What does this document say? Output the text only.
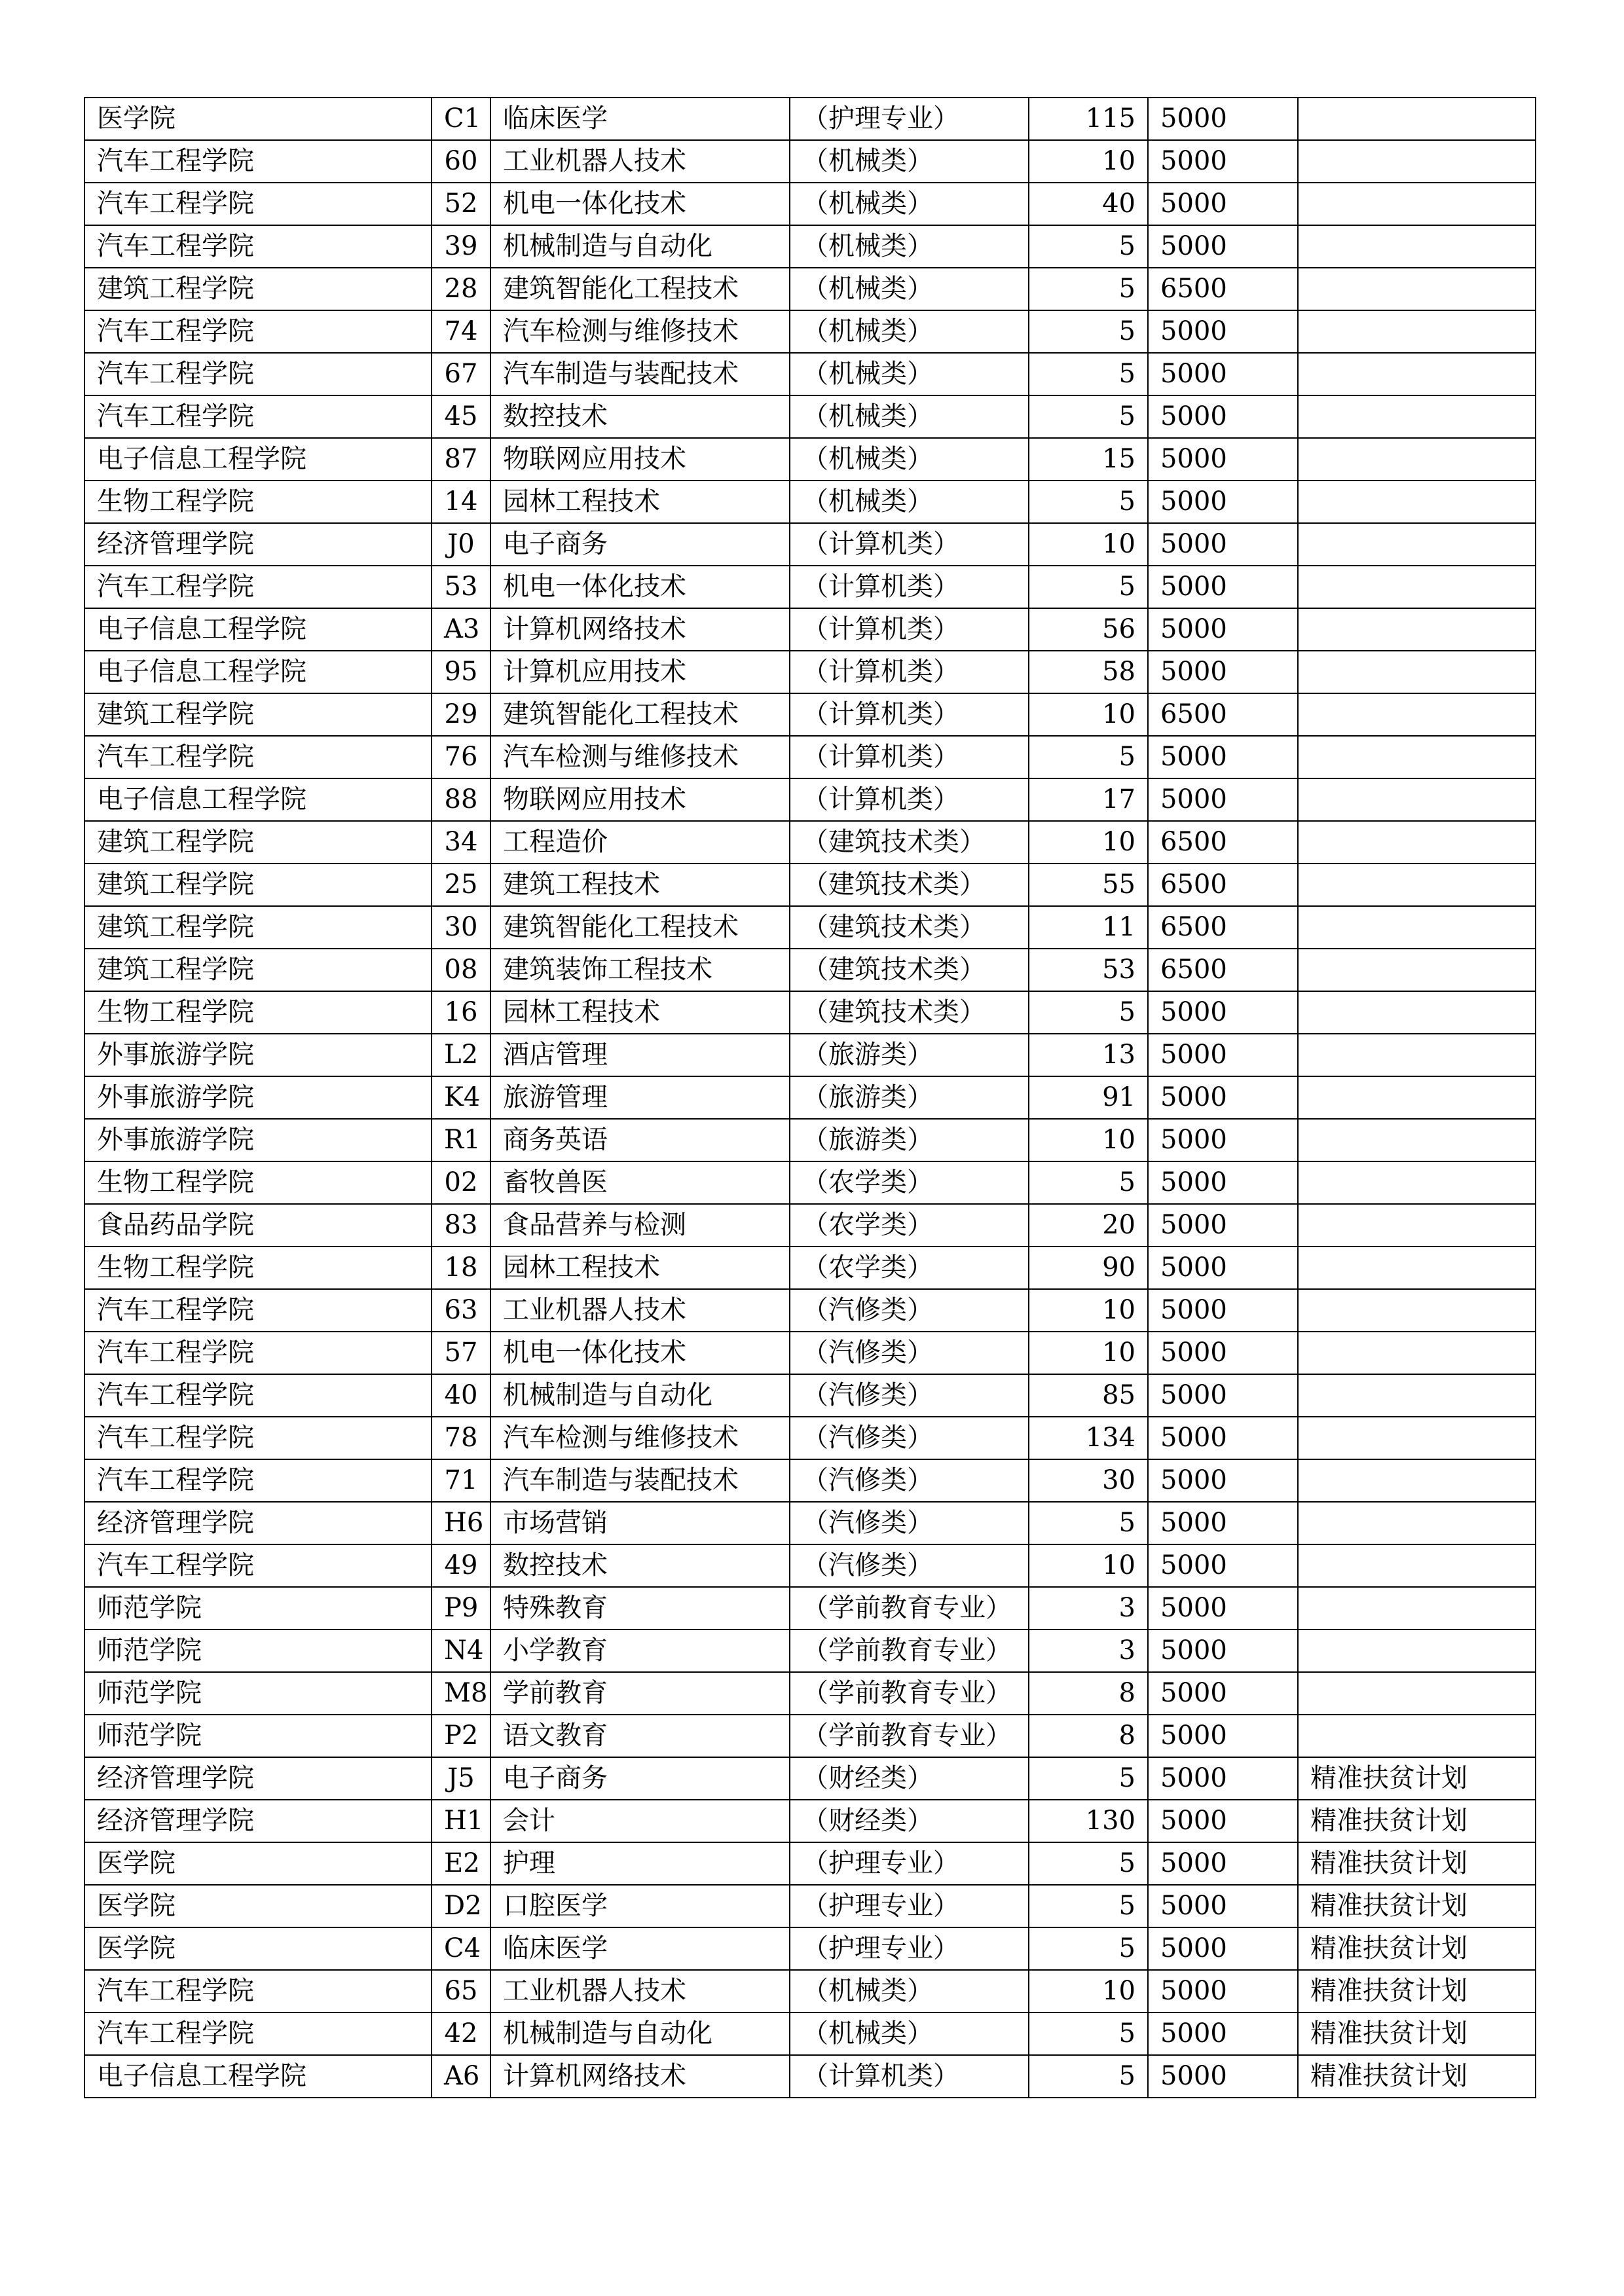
医学院	C1	临床医学	（护理专业）	115	5000	
汽车工程学院	60	工业机器人技术	（机械类）	10	5000	
汽车工程学院	52	机电一体化技术	（机械类）	40	5000	
汽车工程学院	39	机械制造与自动化	（机械类）	5	5000	
建筑工程学院	28	建筑智能化工程技术	（机械类）	5	6500	
汽车工程学院	74	汽车检测与维修技术	（机械类）	5	5000	
汽车工程学院	67	汽车制造与装配技术	（机械类）	5	5000	
汽车工程学院	45	数控技术	（机械类）	5	5000	
电子信息工程学院	87	物联网应用技术	（机械类）	15	5000	
生物工程学院	14	园林工程技术	（机械类）	5	5000	
经济管理学院	J0	电子商务	（计算机类）	10	5000	
汽车工程学院	53	机电一体化技术	（计算机类）	5	5000	
电子信息工程学院	A3	计算机网络技术	（计算机类）	56	5000	
电子信息工程学院	95	计算机应用技术	（计算机类）	58	5000	
建筑工程学院	29	建筑智能化工程技术	（计算机类）	10	6500	
汽车工程学院	76	汽车检测与维修技术	（计算机类）	5	5000	
电子信息工程学院	88	物联网应用技术	（计算机类）	17	5000	
建筑工程学院	34	工程造价	（建筑技术类）	10	6500	
建筑工程学院	25	建筑工程技术	（建筑技术类）	55	6500	
建筑工程学院	30	建筑智能化工程技术	（建筑技术类）	11	6500	
建筑工程学院	08	建筑装饰工程技术	（建筑技术类）	53	6500	
生物工程学院	16	园林工程技术	（建筑技术类）	5	5000	
外事旅游学院	L2	酒店管理	（旅游类）	13	5000	
外事旅游学院	K4	旅游管理	（旅游类）	91	5000	
外事旅游学院	R1	商务英语	（旅游类）	10	5000	
生物工程学院	02	畜牧兽医	（农学类）	5	5000	
食品药品学院	83	食品营养与检测	（农学类）	20	5000	
生物工程学院	18	园林工程技术	（农学类）	90	5000	
汽车工程学院	63	工业机器人技术	（汽修类）	10	5000	
汽车工程学院	57	机电一体化技术	（汽修类）	10	5000	
汽车工程学院	40	机械制造与自动化	（汽修类）	85	5000	
汽车工程学院	78	汽车检测与维修技术	（汽修类）	134	5000	
汽车工程学院	71	汽车制造与装配技术	（汽修类）	30	5000	
经济管理学院	H6	市场营销	（汽修类）	5	5000	
汽车工程学院	49	数控技术	（汽修类）	10	5000	
师范学院	P9	特殊教育	（学前教育专业）	3	5000	
师范学院	N4	小学教育	（学前教育专业）	3	5000	
师范学院	M8	学前教育	（学前教育专业）	8	5000	
师范学院	P2	语文教育	（学前教育专业）	8	5000	
经济管理学院	J5	电子商务	（财经类）	5	5000	精准扶贫计划
经济管理学院	H1	会计	（财经类）	130	5000	精准扶贫计划
医学院	E2	护理	（护理专业）	5	5000	精准扶贫计划
医学院	D2	口腔医学	（护理专业）	5	5000	精准扶贫计划
医学院	C4	临床医学	（护理专业）	5	5000	精准扶贫计划
汽车工程学院	65	工业机器人技术	（机械类）	10	5000	精准扶贫计划
汽车工程学院	42	机械制造与自动化	（机械类）	5	5000	精准扶贫计划
电子信息工程学院	A6	计算机网络技术	（计算机类）	5	5000	精准扶贫计划
